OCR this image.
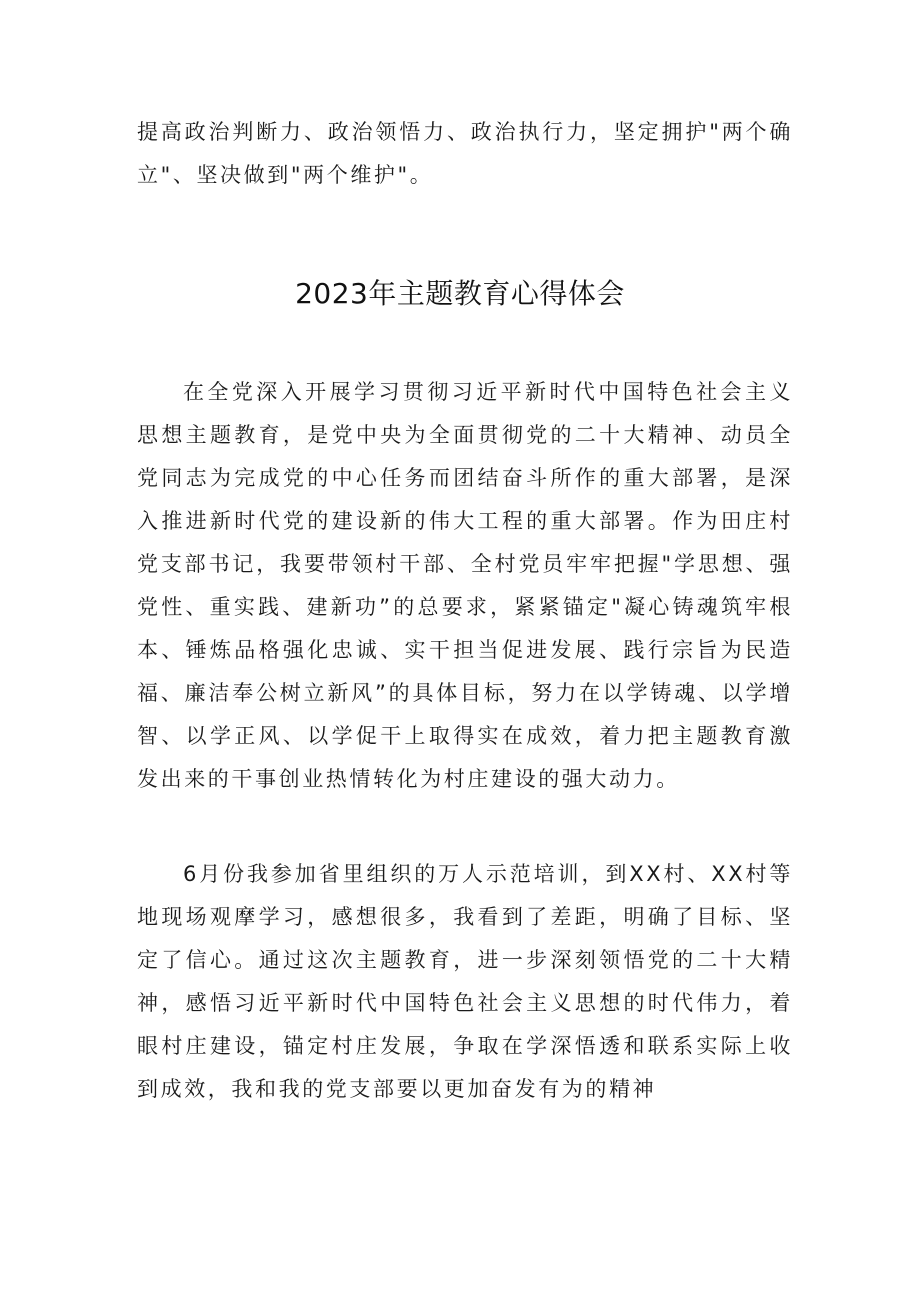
提高政治判断力、政治领悟力、政治执行力，坚定拥护"两个确立"、坚决做到"两个维护"。

2023年主题教育心得体会

在全党深入开展学习贯彻习近平新时代中国特色社会主义思想主题教育，是党中央为全面贯彻党的二十大精神、动员全党同志为完成党的中心任务而团结奋斗所作的重大部署，是深入推进新时代党的建设新的伟大工程的重大部署。作为田庄村党支部书记，我要带领村干部、全村党员牢牢把握"学思想、强党性、重实践、建新功”的总要求，紧紧锚定"凝心铸魂筑牢根本、锤炼品格强化忠诚、实干担当促进发展、践行宗旨为民造福、廉洁奉公树立新风”的具体目标，努力在以学铸魂、以学增智、以学正风、以学促干上取得实在成效，着力把主题教育激发出来的干事创业热情转化为村庄建设的强大动力。

6月份我参加省里组织的万人示范培训，到XX村、XX村等地现场观摩学习，感想很多，我看到了差距，明确了目标、坚定了信心。通过这次主题教育，进一步深刻领悟党的二十大精神，感悟习近平新时代中国特色社会主义思想的时代伟力，着眼村庄建设，锚定村庄发展，争取在学深悟透和联系实际上收到成效，我和我的党支部要以更加奋发有为的精神
